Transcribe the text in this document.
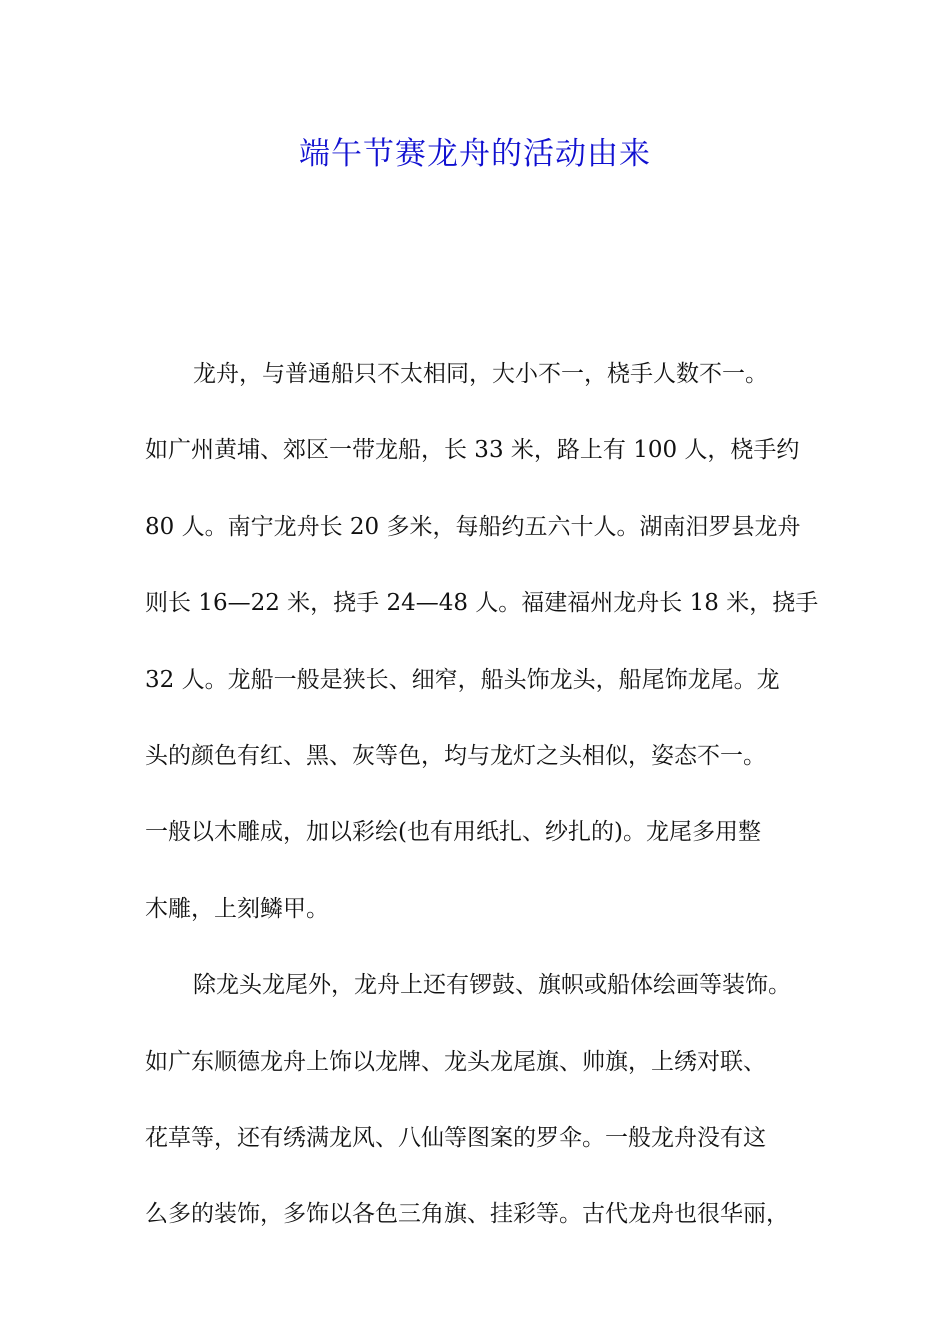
端午节赛龙舟的活动由来
龙舟，与普通船只不太相同，大小不一，桡手人数不一。
如广州黄埔、郊区一带龙船，长 33 米，路上有 100 人，桡手约
80 人。南宁龙舟长 20 多米，每船约五六十人。湖南汨罗县龙舟
则长 16—22 米，挠手 24—48 人。福建福州龙舟长 18 米，挠手
32 人。龙船一般是狭长、细窄，船头饰龙头，船尾饰龙尾。龙
头的颜色有红、黑、灰等色，均与龙灯之头相似，姿态不一。
一般以木雕成，加以彩绘(也有用纸扎、纱扎的)。龙尾多用整
木雕，上刻鳞甲。
除龙头龙尾外，龙舟上还有锣鼓、旗帜或船体绘画等装饰。
如广东顺德龙舟上饰以龙牌、龙头龙尾旗、帅旗，上绣对联、
花草等，还有绣满龙风、八仙等图案的罗伞。一般龙舟没有这
么多的装饰，多饰以各色三角旗、挂彩等。古代龙舟也很华丽，
